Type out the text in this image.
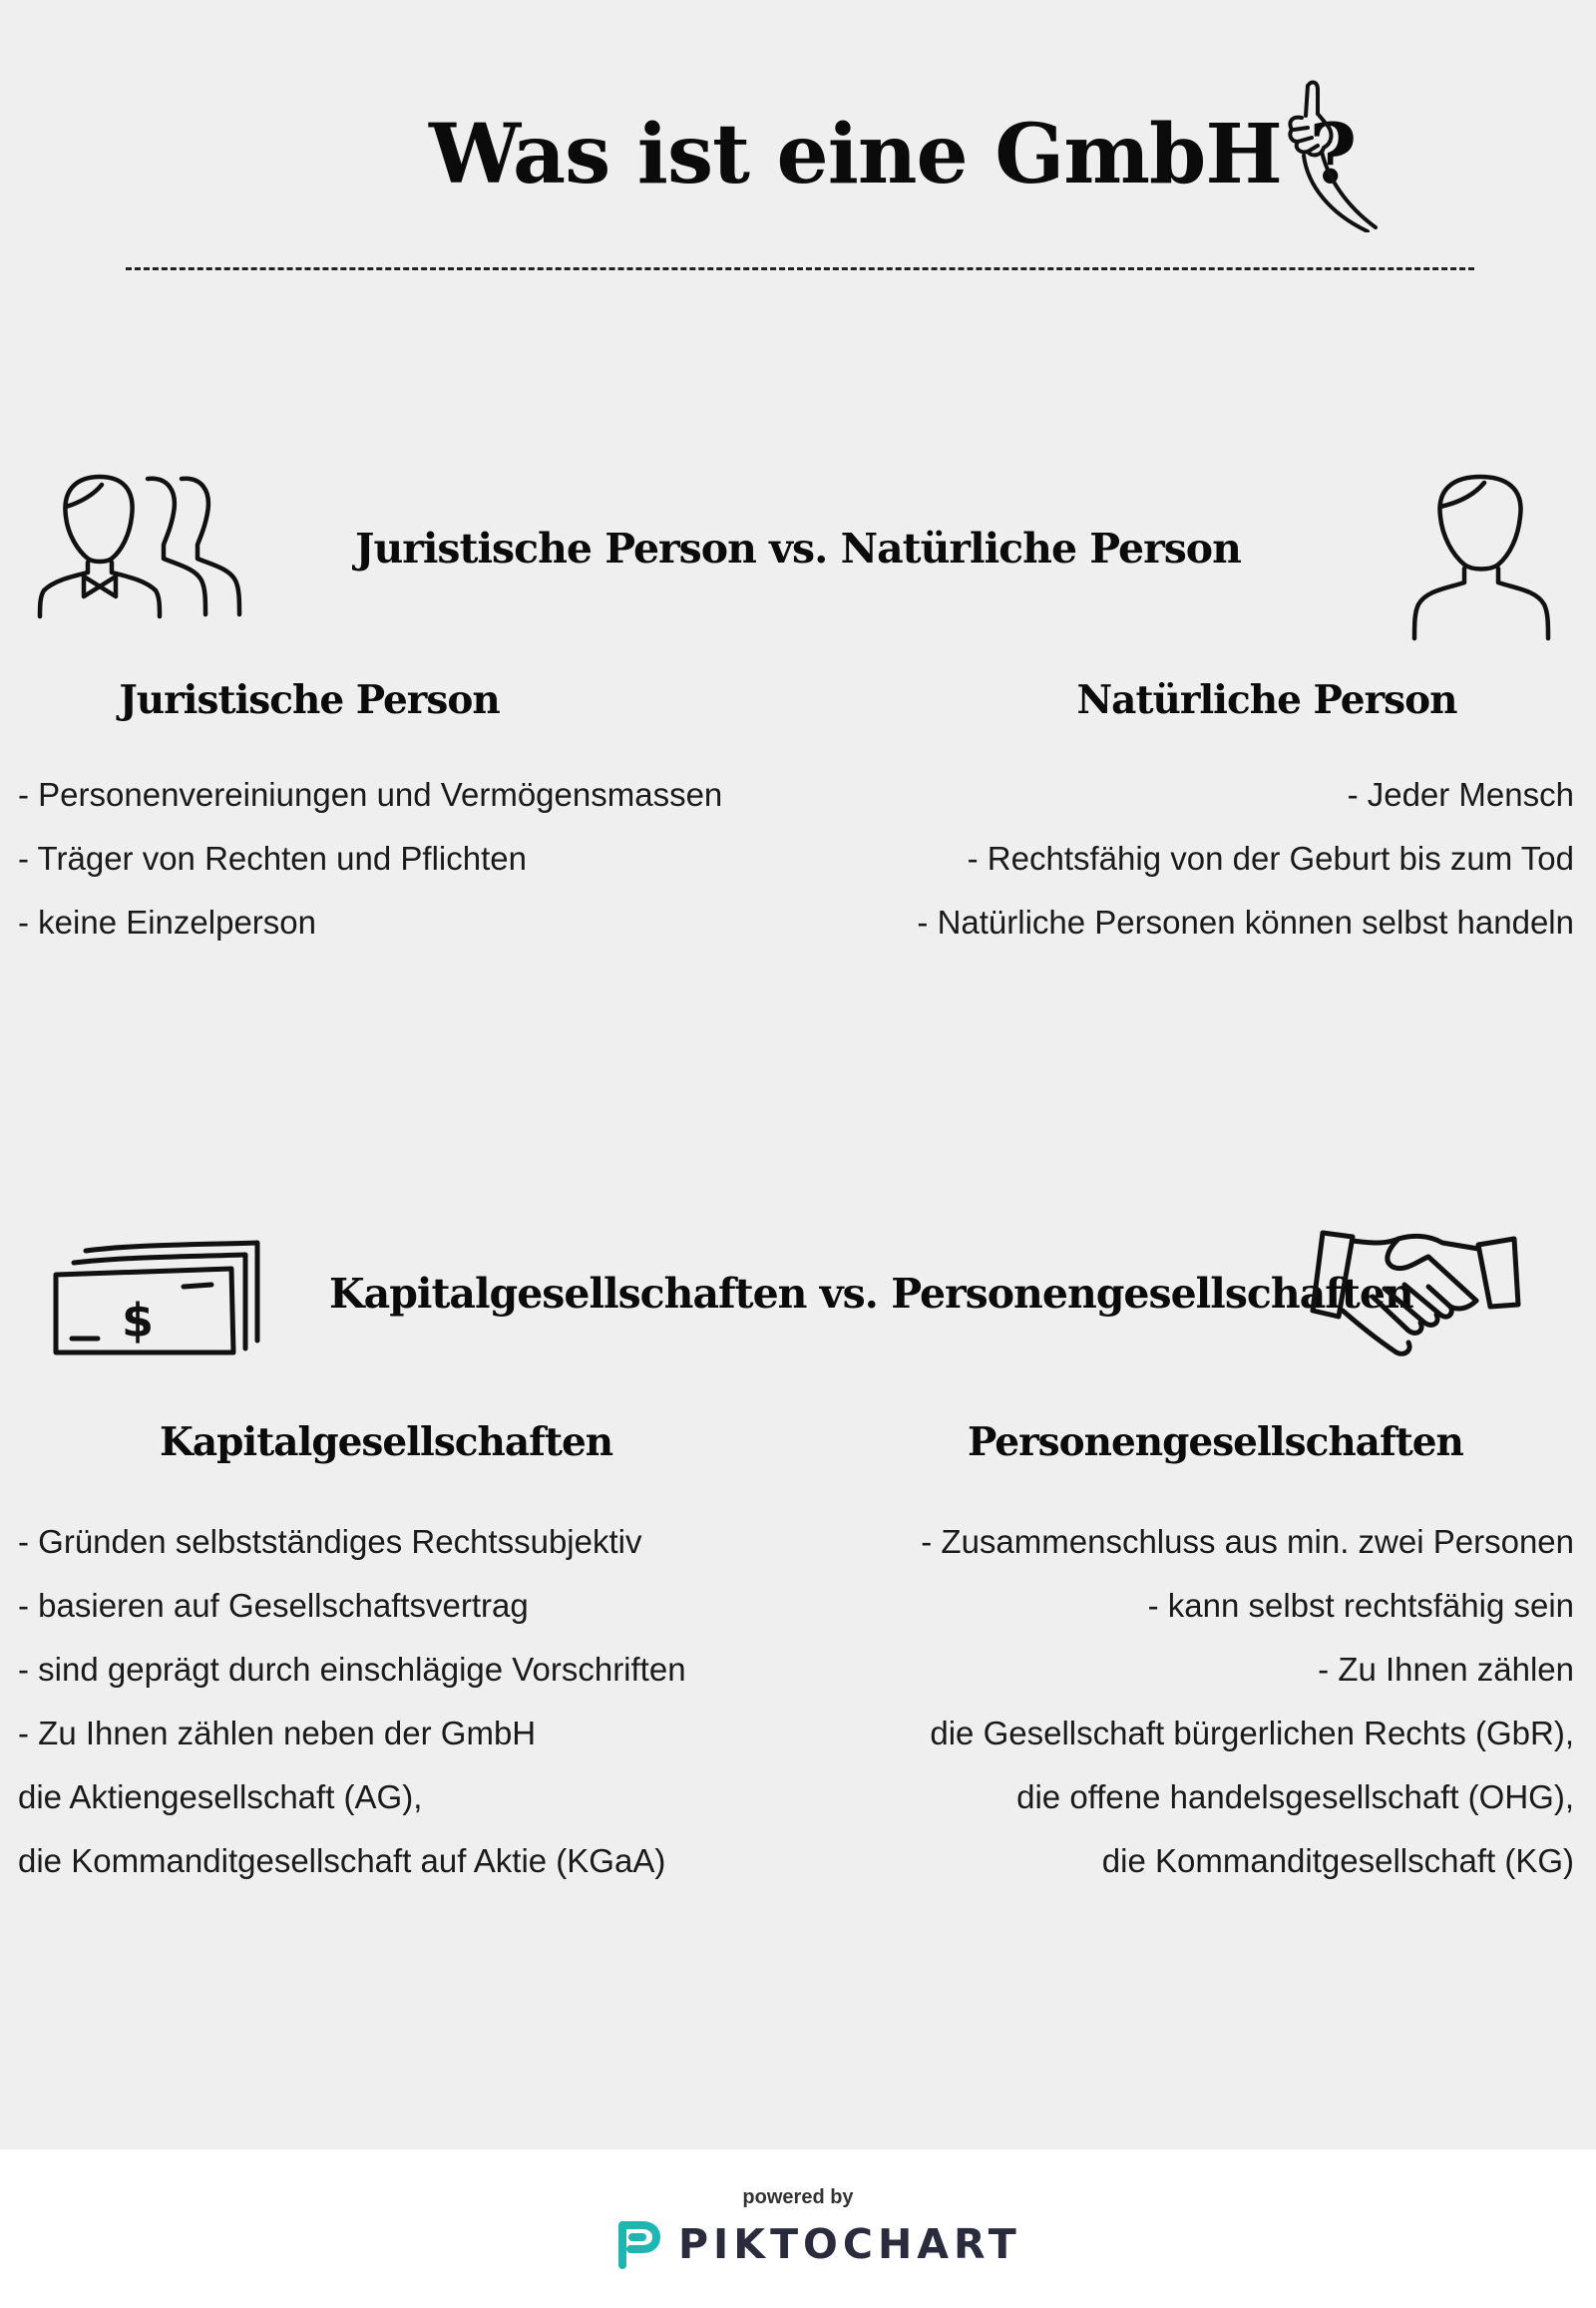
Was ist eine GmbH ?
Juristische Person vs. Natürliche Person
Juristische Person	Natürliche Person
- Personenvereiniungen und Vermögensmassen
- Träger von Rechten und Pflichten
- keine Einzelperson
- Jeder Mensch
- Rechtsfähig von der Geburt bis zum Tod
- Natürliche Personen können selbst handeln
$	Kapitalgesellschaften vs. Personengesellschaften
Kapitalgesellschaften	Personengesellschaften
- Gründen selbstständiges Rechtssubjektiv
- basieren auf Gesellschaftsvertrag
- sind geprägt durch einschlägige Vorschriften
- Zu Ihnen zählen neben der GmbH
die Aktiengesellschaft (AG),
die Kommanditgesellschaft auf Aktie (KGaA)
- Zusammenschluss aus min. zwei Personen
- kann selbst rechtsfähig sein
- Zu Ihnen zählen
die Gesellschaft bürgerlichen Rechts (GbR),
die offene handelsgesellschaft (OHG),
die Kommanditgesellschaft (KG)
powered by
PIKTOCHART
